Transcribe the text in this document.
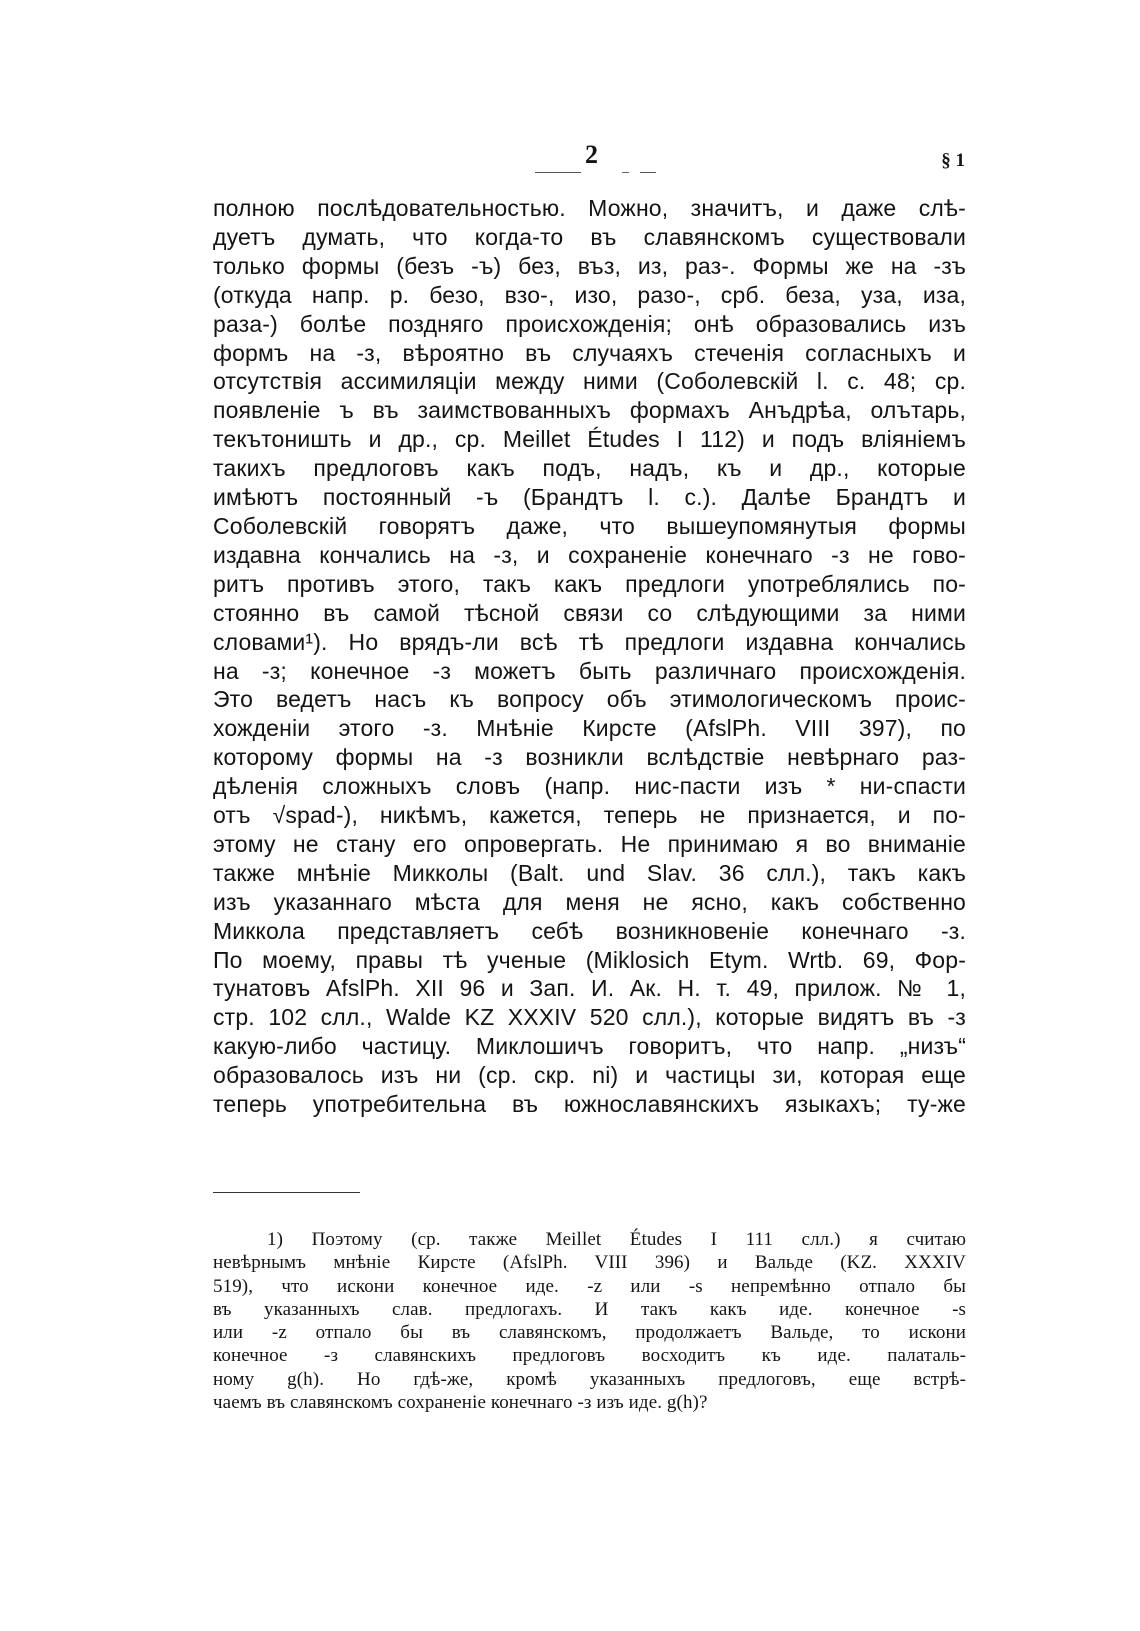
2	§ 1
полною послѣдовательностью. Можно, значитъ, и даже слѣ-
дуетъ думать, что когда-то въ славянскомъ существовали
только формы (безъ -ъ) без, въз, из, раз-. Формы же на -зъ
(откуда напр. р. безо, взо-, изо, разо-, срб. беза, уза, иза,
раза-) болѣе поздняго происхожденія; онѣ образовались изъ
формъ на -з, вѣроятно въ случаяхъ стеченія согласныхъ и
отсутствія ассимиляціи между ними (Соболевскій l. c. 48; ср.
появленіе ъ въ заимствованныхъ формахъ Анъдрѣа, олътарь,
текътоништь и др., ср. Meillet Études I 112) и подъ вліяніемъ
такихъ предлоговъ какъ подъ, надъ, къ и др., которые
имѣютъ постоянный -ъ (Брандтъ l. c.). Далѣе Брандтъ и
Соболевскій говорятъ даже, что вышеупомянутыя формы
издавна кончались на -з, и сохраненіе конечнаго -з не гово-
ритъ противъ этого, такъ какъ предлоги употреблялись по-
стоянно въ самой тѣсной связи со слѣдующими за ними
словами¹). Но врядъ-ли всѣ тѣ предлоги издавна кончались
на -з; конечное -з можетъ быть различнаго происхожденія.
Это ведетъ насъ къ вопросу объ этимологическомъ проис-
хожденіи этого -з. Мнѣніе Кирсте (AfslPh. VIII 397), по
которому формы на -з возникли вслѣдствіе невѣрнаго раз-
дѣленія сложныхъ словъ (напр. нис-пасти изъ * ни-спасти
отъ √spad-), никѣмъ, кажется, теперь не признается, и по-
этому не стану его опровергать. Не принимаю я во вниманіе
также мнѣніе Микколы (Balt. und Slav. 36 слл.), такъ какъ
изъ указаннаго мѣста для меня не ясно, какъ собственно
Миккола представляетъ себѣ возникновеніе конечнаго -з.
По моему, правы тѣ ученые (Miklosich Etym. Wrtb. 69, Фор-
тунатовъ AfslPh. XII 96 и Зап. И. Ак. Н. т. 49, прилож. № 1,
стр. 102 слл., Walde KZ XXXIV 520 слл.), которые видятъ въ -з
какую-либо частицу. Миклошичъ говоритъ, что напр. „низъ“
образовалось изъ ни (ср. скр. ni) и частицы зи, которая еще
теперь употребительна въ южнославянскихъ языкахъ; ту-же
1) Поэтому (ср. также Meillet Études I 111 слл.) я считаю
невѣрнымъ мнѣніе Кирсте (AfslPh. VIII 396) и Вальде (KZ. XXXIV
519), что искони конечное иде. -z или -s непремѣнно отпало бы
въ указанныхъ слав. предлогахъ. И такъ какъ иде. конечное -s
или -z отпало бы въ славянскомъ, продолжаетъ Вальде, то искони
конечное -з славянскихъ предлоговъ восходитъ къ иде. палаталь-
ному g(h). Но гдѣ-же, кромѣ указанныхъ предлоговъ, еще встрѣ-
чаемъ въ славянскомъ сохраненіе конечнаго -з изъ иде. g(h)?
